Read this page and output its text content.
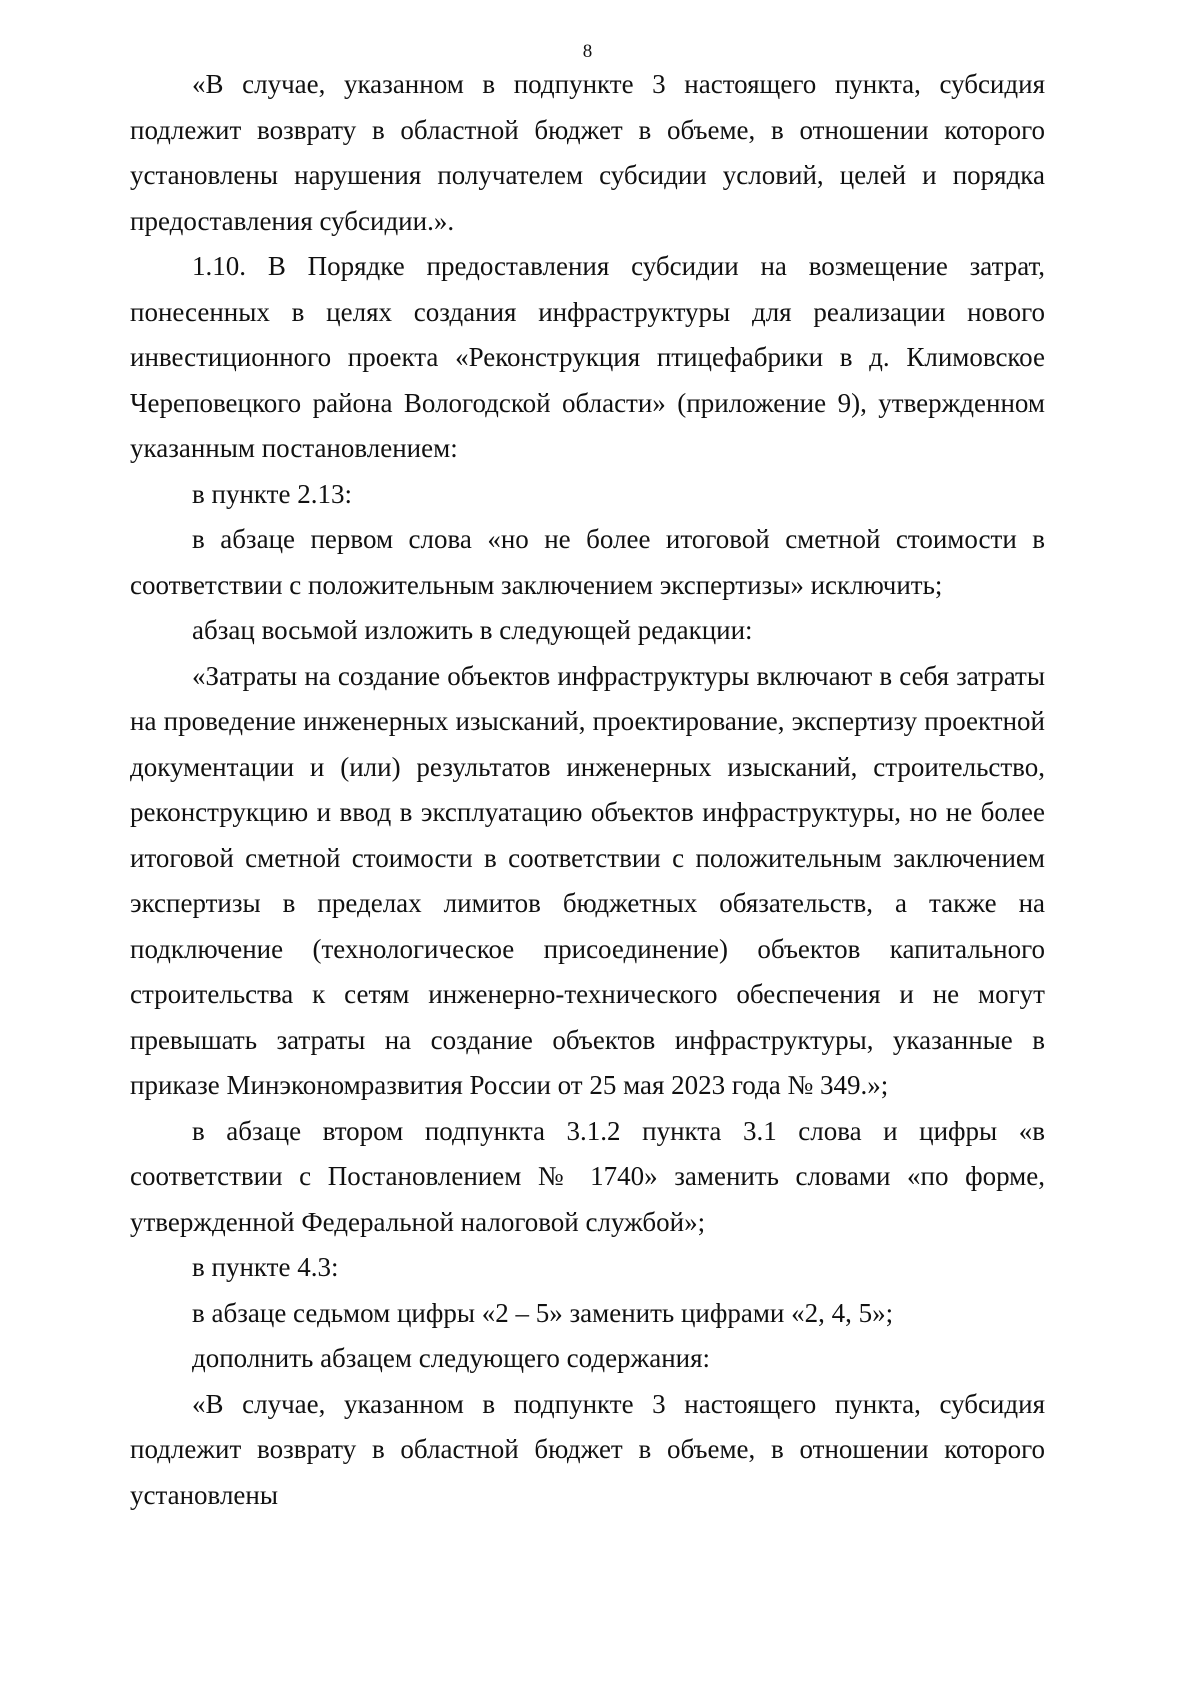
8

«В случае, указанном в подпункте 3 настоящего пункта, субсидия подлежит возврату в областной бюджет в объеме, в отношении которого установлены нарушения получателем субсидии условий, целей и порядка предоставления субсидии.».

1.10. В Порядке предоставления субсидии на возмещение затрат, понесенных в целях создания инфраструктуры для реализации нового инвестиционного проекта «Реконструкция птицефабрики в д. Климовское Череповецкого района Вологодской области» (приложение 9), утвержденном указанным постановлением:

в пункте 2.13:

в абзаце первом слова «но не более итоговой сметной стоимости в соответствии с положительным заключением экспертизы» исключить;

абзац восьмой изложить в следующей редакции:

«Затраты на создание объектов инфраструктуры включают в себя затраты на проведение инженерных изысканий, проектирование, экспертизу проектной документации и (или) результатов инженерных изысканий, строительство, реконструкцию и ввод в эксплуатацию объектов инфраструктуры, но не более итоговой сметной стоимости в соответствии с положительным заключением экспертизы в пределах лимитов бюджетных обязательств, а также на подключение (технологическое присоединение) объектов капитального строительства к сетям инженерно-технического обеспечения и не могут превышать затраты на создание объектов инфраструктуры, указанные в приказе Минэкономразвития России от 25 мая 2023 года № 349.»;

в абзаце втором подпункта 3.1.2 пункта 3.1 слова и цифры «в соответствии с Постановлением № 1740» заменить словами «по форме, утвержденной Федеральной налоговой службой»;

в пункте 4.3:

в абзаце седьмом цифры «2 – 5» заменить цифрами «2, 4, 5»;

дополнить абзацем следующего содержания:

«В случае, указанном в подпункте 3 настоящего пункта, субсидия подлежит возврату в областной бюджет в объеме, в отношении которого установлены
